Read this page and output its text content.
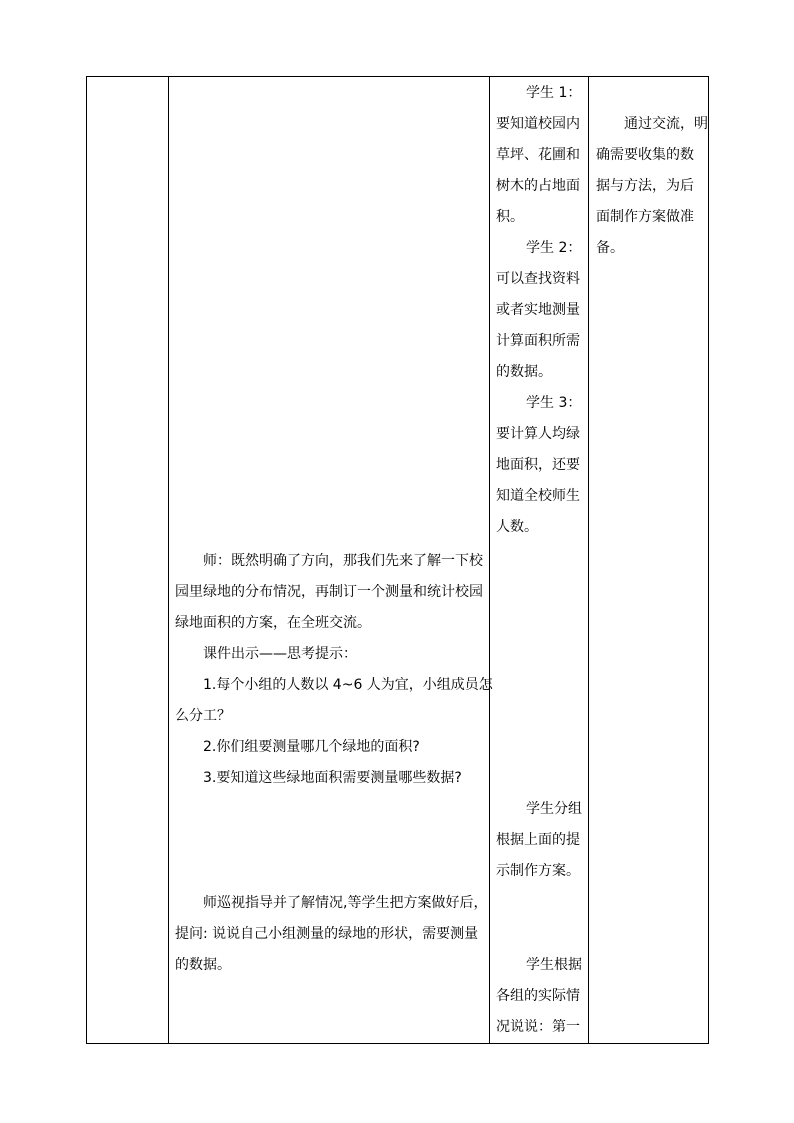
师：既然明确了方向，那我们先来了解一下校
园里绿地的分布情况，再制订一个测量和统计校园
绿地面积的方案，在全班交流。
课件出示——思考提示：
1.每个小组的人数以 4~6 人为宜，小组成员怎
么分工？
2.你们组要测量哪几个绿地的面积?
3.要知道这些绿地面积需要测量哪些数据?
师巡视指导并了解情况,等学生把方案做好后，
提问: 说说自己小组测量的绿地的形状，需要测量
的数据。

学生 1：
要知道校园内
草坪、花圃和
树木的占地面
积。
学生 2：
可以查找资料
或者实地测量
计算面积所需
的数据。
学生 3：
要计算人均绿
地面积，还要
知道全校师生
人数。
学生分组
根据上面的提
示制作方案。
学生根据
各组的实际情
况说说：第一

通过交流，明
确需要收集的数
据与方法，为后
面制作方案做准
备。
